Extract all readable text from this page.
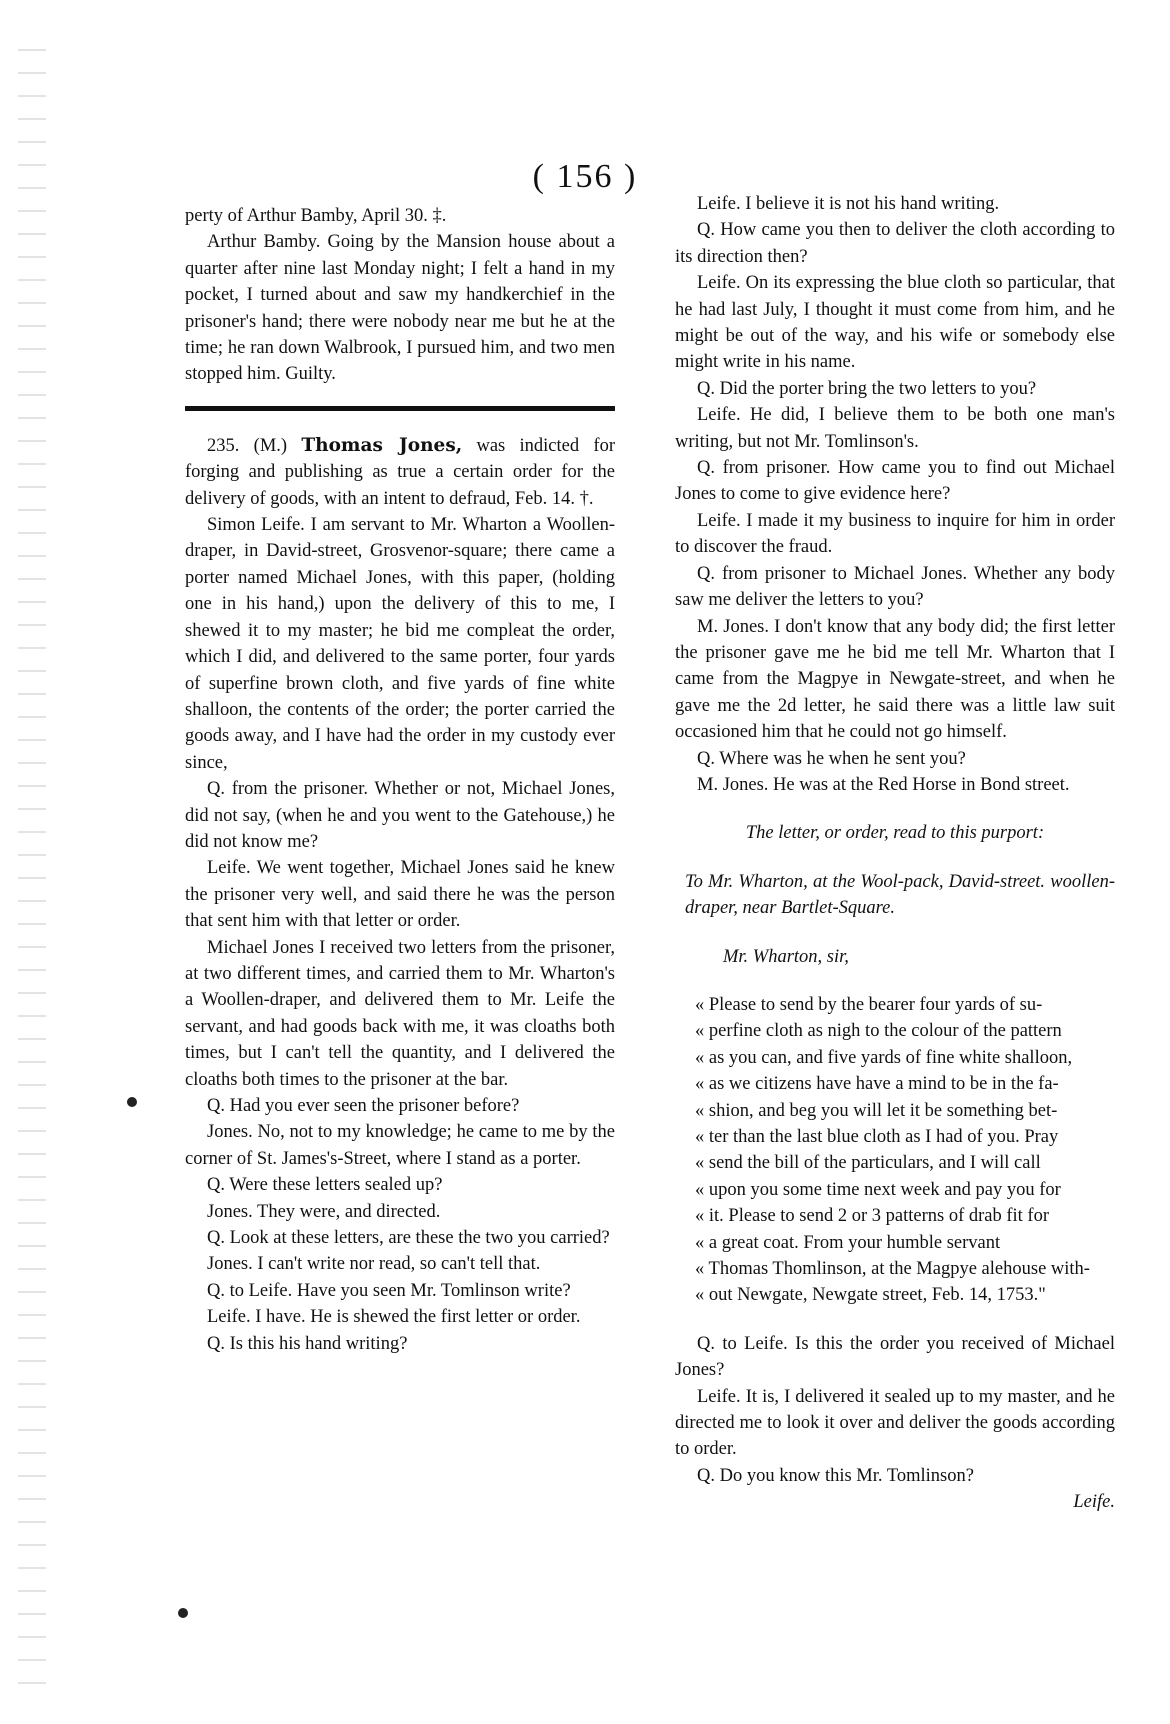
( 156 )

perty of Arthur Bamby, April 30. ‡.

Arthur Bamby. Going by the Mansion house about a quarter after nine last Monday night; I felt a hand in my pocket, I turned about and saw my handkerchief in the prisoner's hand; there were nobody near me but he at the time; he ran down Walbrook, I pursued him, and two men stopped him. Guilty.

235. (M.) Thomas Jones, was indicted for forging and publishing as true a certain order for the delivery of goods, with an intent to defraud, Feb. 14. †.

Simon Leife. I am servant to Mr. Wharton a Woollen-draper, in David-street, Grosvenor-square; there came a porter named Michael Jones, with this paper, (holding one in his hand,) upon the delivery of this to me, I shewed it to my master; he bid me compleat the order, which I did, and delivered to the same porter, four yards of superfine brown cloth, and five yards of fine white shalloon, the contents of the order; the porter carried the goods away, and I have had the order in my custody ever since,

Q. from the prisoner. Whether or not, Michael Jones, did not say, (when he and you went to the Gatehouse,) he did not know me?

Leife. We went together, Michael Jones said he knew the prisoner very well, and said there he was the person that sent him with that letter or order.

Michael Jones I received two letters from the prisoner, at two different times, and carried them to Mr. Wharton's a Woollen-draper, and delivered them to Mr. Leife the servant, and had goods back with me, it was cloaths both times, but I can't tell the quantity, and I delivered the cloaths both times to the prisoner at the bar.

Q. Had you ever seen the prisoner before?

Jones. No, not to my knowledge; he came to me by the corner of St. James's-Street, where I stand as a porter.

Q. Were these letters sealed up?

Jones. They were, and directed.

Q. Look at these letters, are these the two you carried?

Jones. I can't write nor read, so can't tell that.

Q. to Leife. Have you seen Mr. Tomlinson write?

Leife. I have. He is shewed the first letter or order.

Q. Is this his hand writing?

Leife. I believe it is not his hand writing.

Q. How came you then to deliver the cloth according to its direction then?

Leife. On its expressing the blue cloth so particular, that he had last July, I thought it must come from him, and he might be out of the way, and his wife or somebody else might write in his name.

Q. Did the porter bring the two letters to you?

Leife. He did, I believe them to be both one man's writing, but not Mr. Tomlinson's.

Q. from prisoner. How came you to find out Michael Jones to come to give evidence here?

Leife. I made it my business to inquire for him in order to discover the fraud.

Q. from prisoner to Michael Jones. Whether any body saw me deliver the letters to you?

M. Jones. I don't know that any body did; the first letter the prisoner gave me he bid me tell Mr. Wharton that I came from the Magpye in Newgate-street, and when he gave me the 2d letter, he said there was a little law suit occasioned him that he could not go himself.

Q. Where was he when he sent you?

M. Jones. He was at the Red Horse in Bond street.

The letter, or order, read to this purport:

To Mr. Wharton, at the Wool-pack, David-street. woollen-draper, near Bartlet-Square.

Mr. Wharton, sir,

« Please to send by the bearer four yards of su-

« perfine cloth as nigh to the colour of the pattern

« as you can, and five yards of fine white shalloon,

« as we citizens have have a mind to be in the fa-

« shion, and beg you will let it be something bet-

« ter than the last blue cloth as I had of you. Pray

« send the bill of the particulars, and I will call

« upon you some time next week and pay you for

« it. Please to send 2 or 3 patterns of drab fit for

« a great coat. From your humble servant

« Thomas Thomlinson, at the Magpye alehouse with-

« out Newgate, Newgate street, Feb. 14, 1753."

Q. to Leife. Is this the order you received of Michael Jones?

Leife. It is, I delivered it sealed up to my master, and he directed me to look it over and deliver the goods according to order.

Q. Do you know this Mr. Tomlinson?

Leife.
